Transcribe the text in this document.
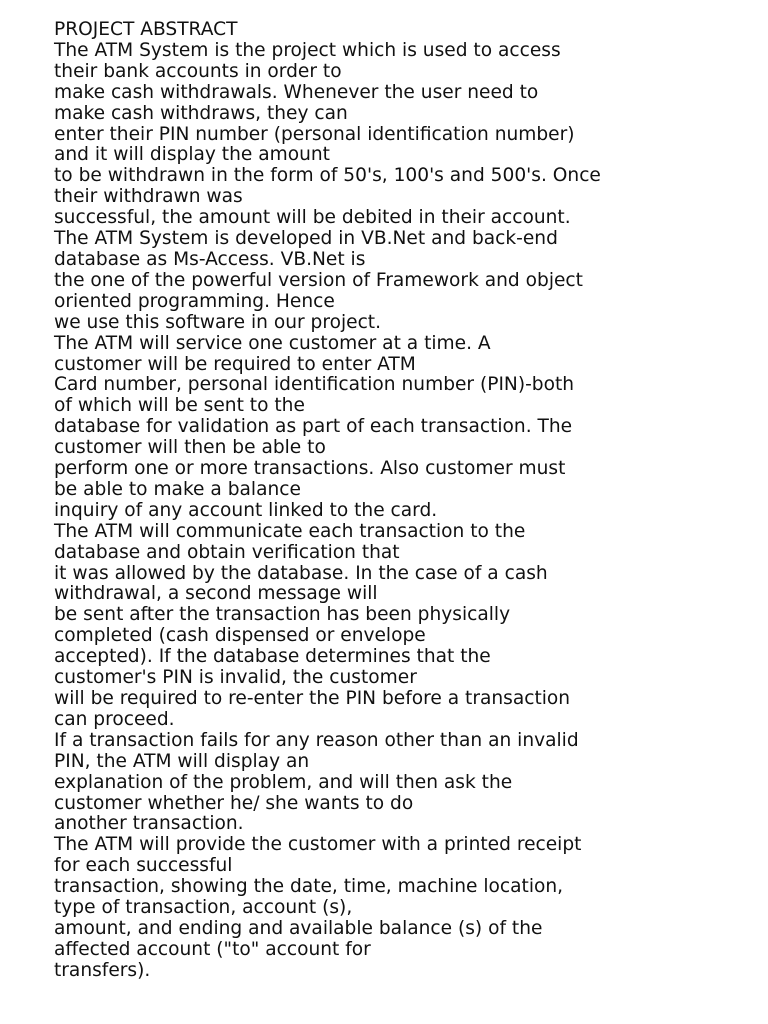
PROJECT ABSTRACT
The ATM System is the project which is used to access
their bank accounts in order to
make cash withdrawals. Whenever the user need to
make cash withdraws, they can
enter their PIN number (personal identification number)
and it will display the amount
to be withdrawn in the form of 50's, 100's and 500's. Once
their withdrawn was
successful, the amount will be debited in their account.
The ATM System is developed in VB.Net and back-end
database as Ms-Access. VB.Net is
the one of the powerful version of Framework and object
oriented programming. Hence
we use this software in our project.
The ATM will service one customer at a time. A
customer will be required to enter ATM
Card number, personal identification number (PIN)-both
of which will be sent to the
database for validation as part of each transaction. The
customer will then be able to
perform one or more transactions. Also customer must
be able to make a balance
inquiry of any account linked to the card.
The ATM will communicate each transaction to the
database and obtain verification that
it was allowed by the database. In the case of a cash
withdrawal, a second message will
be sent after the transaction has been physically
completed (cash dispensed or envelope
accepted). If the database determines that the
customer's PIN is invalid, the customer
will be required to re-enter the PIN before a transaction
can proceed.
If a transaction fails for any reason other than an invalid
PIN, the ATM will display an
explanation of the problem, and will then ask the
customer whether he/ she wants to do
another transaction.
The ATM will provide the customer with a printed receipt
for each successful
transaction, showing the date, time, machine location,
type of transaction, account (s),
amount, and ending and available balance (s) of the
affected account ("to" account for
transfers).
